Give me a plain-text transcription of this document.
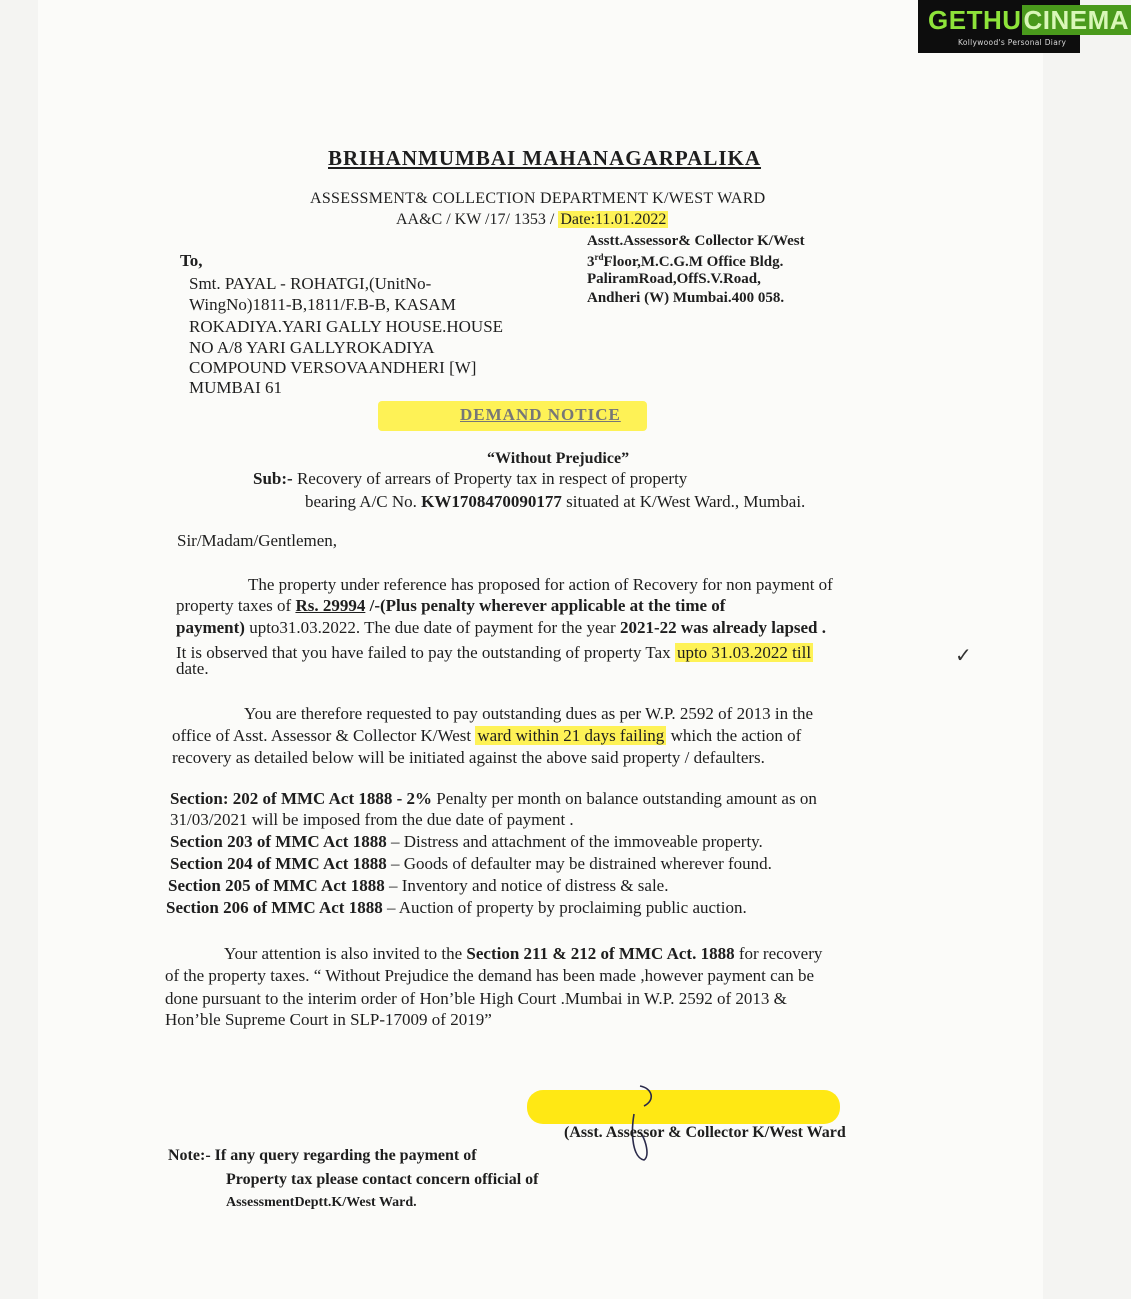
GETHUCINEMA
Kollywood's Personal Diary
BRIHANMUMBAI MAHANAGARPALIKA
ASSESSMENT& COLLECTION DEPARTMENT K/WEST WARD
AA&C / KW /17/ 1353 / Date:11.01.2022
Asstt.Assessor& Collector K/West
3rdFloor,M.C.G.M Office Bldg.
PaliramRoad,OffS.V.Road,
Andheri (W) Mumbai.400 058.
To,
Smt. PAYAL - ROHATGI,(UnitNo-
WingNo)1811-B,1811/F.B-B, KASAM
ROKADIYA.YARI GALLY HOUSE.HOUSE
NO A/8 YARI GALLYROKADIYA
COMPOUND VERSOVAANDHERI [W]
MUMBAI 61
DEMAND NOTICE
“Without Prejudice”
Sub:- Recovery of arrears of Property tax in respect of property
bearing A/C No. KW1708470090177 situated at K/West Ward., Mumbai.
Sir/Madam/Gentlemen,
The property under reference has proposed for action of Recovery for non payment of
property taxes of Rs. 29994 /-(Plus penalty wherever applicable at the time of
payment) upto31.03.2022. The due date of payment for the year 2021-22 was already lapsed .
It is observed that you have failed to pay the outstanding of property Tax upto 31.03.2022 till
date.
✓
You are therefore requested to pay outstanding dues as per W.P. 2592 of 2013 in the
office of Asst. Assessor & Collector K/West ward within 21 days failing which the action of
recovery as detailed below will be initiated against the above said property / defaulters.
Section: 202 of MMC Act 1888 - 2% Penalty per month on balance outstanding amount as on
31/03/2021 will be imposed from the due date of payment .
Section 203 of MMC Act 1888 – Distress and attachment of the immoveable property.
Section 204 of MMC Act 1888 – Goods of defaulter may be distrained wherever found.
Section 205 of MMC Act 1888 – Inventory and notice of distress & sale.
Section 206 of MMC Act 1888 – Auction of property by proclaiming public auction.
Your attention is also invited to the Section 211 & 212 of MMC Act. 1888 for recovery
of the property taxes. “ Without Prejudice the demand has been made ,however payment can be
done pursuant to the interim order of Hon’ble High Court .Mumbai in W.P. 2592 of 2013 &
Hon’ble Supreme Court in SLP-17009 of 2019”
(Asst. Assessor & Collector K/West Ward
Note:- If any query regarding the payment of
Property tax please contact concern official of
AssessmentDeptt.K/West Ward.
